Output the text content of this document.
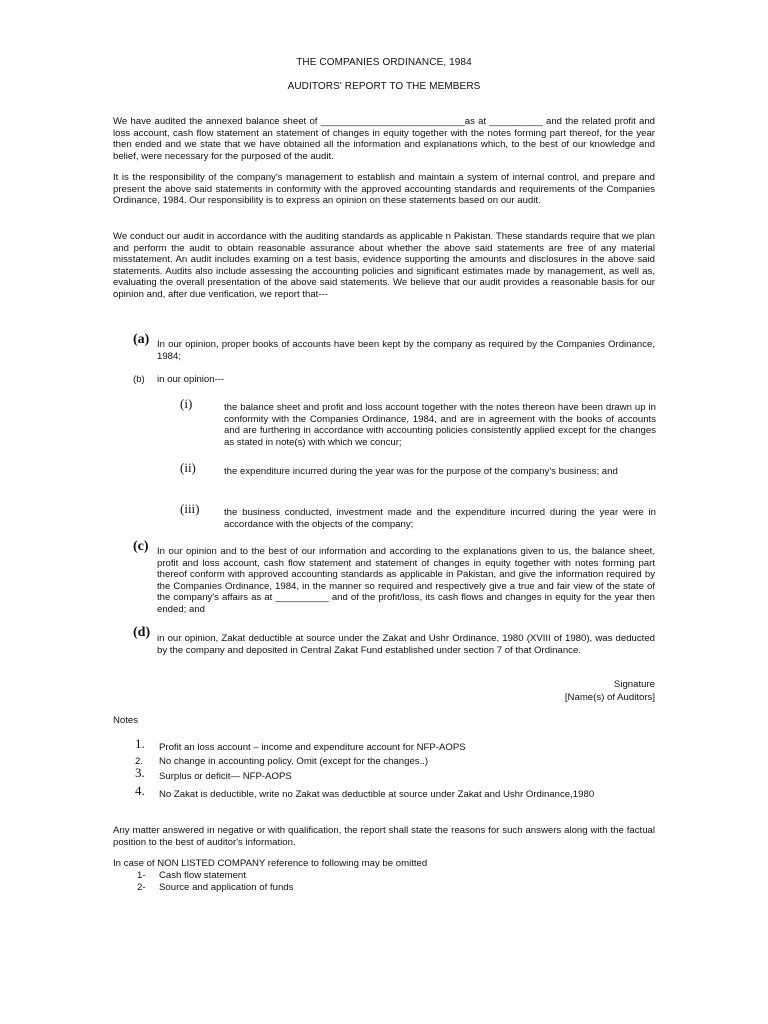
THE COMPANIES ORDINANCE, 1984
AUDITORS' REPORT TO THE MEMBERS
We have audited the annexed balance sheet of ___________________________as at __________ and the related profit and loss account, cash flow statement an statement of changes in equity together with the notes forming part thereof, for the year then ended and we state that we have obtained all the information and explanations which, to the best of our knowledge and belief, were necessary for the purposed of the audit.
It is the responsibility of the company's management to establish and maintain a system of internal control, and prepare and present the above said statements in conformity with the approved accounting standards and requirements of the Companies Ordinance, 1984. Our responsibility is to express an opinion on these statements based on our audit.
We conduct our audit in accordance with the auditing standards as applicable n Pakistan. These standards require that we plan and perform the audit to obtain reasonable assurance about whether the above said statements are free of any material misstatement. An audit includes examing on a test basis, evidence supporting the amounts and disclosures in the above said statements. Audits also include assessing the accounting policies and significant estimates made by management, as well as, evaluating the overall presentation of the above said statements. We believe that our audit provides a reasonable basis for our opinion and, after due verification, we report that---
(a) In our opinion, proper books of accounts have been kept by the company as required by the Companies Ordinance, 1984;
(b) in our opinion---
(i)	the balance sheet and profit and loss account together with the notes thereon have been drawn up in conformity with the Companies Ordinance, 1984, and are in agreement with the books of accounts and are furthering in accordance with accounting policies consistently applied except for the changes as stated in note(s) with which we concur;
(ii)	the expenditure incurred during the year was for the purpose of the company's business; and
(iii)	the business conducted, investment made and the expenditure incurred during the year were in accordance with the objects of the company;
(c) In our opinion and to the best of our information and according to the explanations given to us, the balance sheet, profit and loss account, cash flow statement and statement of changes in equity together with notes forming part thereof conform with approved accounting standards as applicable in Pakistan, and give the information required by the Companies Ordinance, 1984, in the manner so required and respectively give a true and fair view of the state of the company's affairs as at __________ and of the profit/loss, its cash flows and changes in equity for the year then ended; and
(d) in our opinion, Zakat deductible at source under the Zakat and Ushr Ordinance, 1980 (XVIII of 1980), was deducted by the company and deposited in Central Zakat Fund established under section 7 of that Ordinance.
Signature
[Name(s) of Auditors]
Notes
1. Profit an loss account – income and expenditure account for NFP-AOPS
2. No change in accounting policy. Omit (except for the changes..)
3. Surplus or deficit— NFP-AOPS
4. No Zakat is deductible, write no Zakat was deductible at source under Zakat and Ushr Ordinance,1980
Any matter answered in negative or with qualification, the report shall state the reasons for such answers along with the factual position to the best of auditor's information.
In case of NON LISTED COMPANY reference to following may be omitted
1- Cash flow statement
2- Source and application of funds
